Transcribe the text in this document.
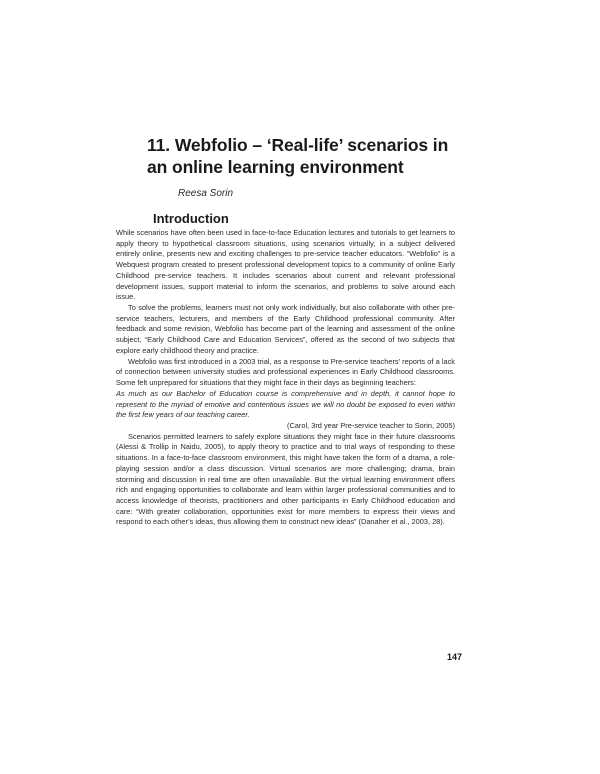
11. Webfolio – ‘Real-life’ scenarios in an online learning environment
Reesa Sorin
Introduction

While scenarios have often been used in face-to-face Education lectures and tutorials to get learners to apply theory to hypothetical classroom situations, using scenarios virtually, in a subject delivered entirely online, presents new and exciting challenges to pre-service teacher educators. “Webfolio” is a Webquest program created to present professional development topics to a community of online Early Childhood pre-service teachers. It includes scenarios about current and relevant professional development issues, support material to inform the scenarios, and problems to solve around each issue.

To solve the problems, learners must not only work individually, but also collaborate with other pre-service teachers, lecturers, and members of the Early Childhood professional community. After feedback and some revision, Webfolio has become part of the learning and assessment of the online subject, “Early Childhood Care and Education Services”, offered as the second of two subjects that explore early childhood theory and practice.

Webfolio was first introduced in a 2003 trial, as a response to Pre-service teachers’ reports of a lack of connection between university studies and professional experiences in Early Childhood classrooms. Some felt unprepared for situations that they might face in their days as beginning teachers:

As much as our Bachelor of Education course is comprehensive and in depth, it cannot hope to represent to the myriad of emotive and contentious issues we will no doubt be exposed to even within the first few years of our teaching career.

(Carol, 3rd year Pre-service teacher to Sorin, 2005)

Scenarios permitted learners to safely explore situations they might face in their future classrooms (Alessi & Trollip in Naidu, 2005), to apply theory to practice and to trial ways of responding to these situations. In a face-to-face classroom environment, this might have taken the form of a drama, a role-playing session and/or a class discussion. Virtual scenarios are more challenging; drama, brain storming and discussion in real time are often unavailable. But the virtual learning environment offers rich and engaging opportunities to collaborate and learn within larger professional communities and to access knowledge of theorists, practitioners and other participants in Early Childhood education and care: “With greater collaboration, opportunities exist for more members to express their views and respond to each other’s ideas, thus allowing them to construct new ideas” (Danaher et al., 2003, 28).

147
